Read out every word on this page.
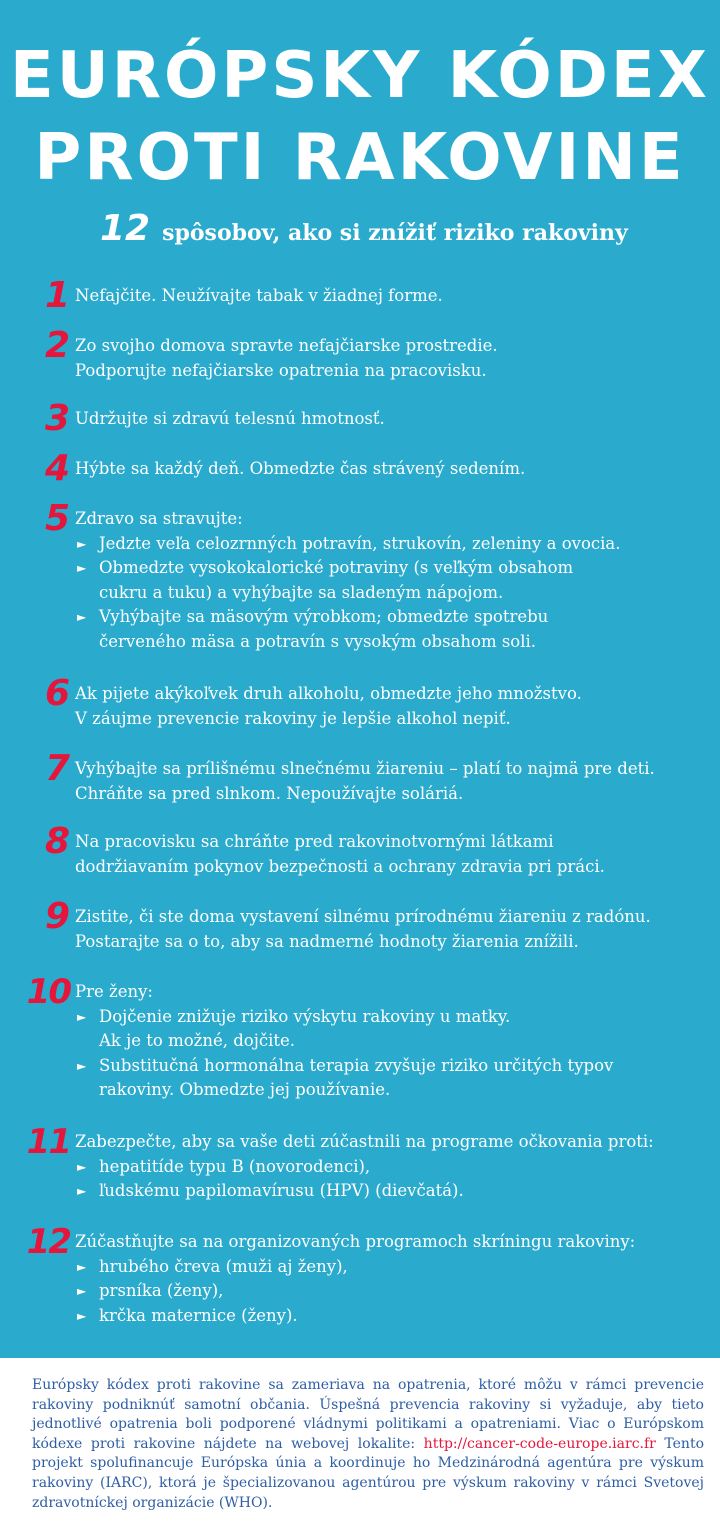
EURÓPSKY KÓDEX
PROTI RAKOVINE
12 spôsobov, ako si znížiť riziko rakoviny
1 Nefajčite. Neužívajte tabak v žiadnej forme.
2 Zo svojho domova spravte nefajčiarske prostredie.
Podporujte nefajčiarske opatrenia na pracovisku.
3 Udržujte si zdravú telesnú hmotnosť.
4 Hýbte sa každý deň. Obmedzte čas strávený sedením.
5 Zdravo sa stravujte:
► Jedzte veľa celozrnných potravín, strukovín, zeleniny a ovocia.
► Obmedzte vysokokalorické potraviny (s veľkým obsahom
cukru a tuku) a vyhýbajte sa sladeným nápojom.
► Vyhýbajte sa mäsovým výrobkom; obmedzte spotrebu
červeného mäsa a potravín s vysokým obsahom soli.
6 Ak pijete akýkoľvek druh alkoholu, obmedzte jeho množstvo.
V záujme prevencie rakoviny je lepšie alkohol nepiť.
7 Vyhýbajte sa prílišnému slnečnému žiareniu – platí to najmä pre deti.
Chráňte sa pred slnkom. Nepoužívajte soláriá.
8 Na pracovisku sa chráňte pred rakovinotvornými látkami
dodržiavaním pokynov bezpečnosti a ochrany zdravia pri práci.
9 Zistite, či ste doma vystavení silnému prírodnému žiareniu z radónu.
Postarajte sa o to, aby sa nadmerné hodnoty žiarenia znížili.
10 Pre ženy:
► Dojčenie znižuje riziko výskytu rakoviny u matky.
Ak je to možné, dojčite.
► Substitučná hormonálna terapia zvyšuje riziko určitých typov
rakoviny. Obmedzte jej používanie.
11 Zabezpečte, aby sa vaše deti zúčastnili na programe očkovania proti:
► hepatitíde typu B (novorodenci),
► ľudskému papilomavírusu (HPV) (dievčatá).
12 Zúčastňujte sa na organizovaných programoch skríningu rakoviny:
► hrubého čreva (muži aj ženy),
► prsníka (ženy),
► krčka maternice (ženy).
Európsky kódex proti rakovine sa zameriava na opatrenia, ktoré môžu v rámci prevencie rakoviny podniknúť samotní občania. Úspešná prevencia rakoviny si vyžaduje, aby tieto jednotlivé opatrenia boli podporené vládnymi politikami a opatreniami. Viac o Európskom kódexe proti rakovine nájdete na webovej lokalite: http://cancer-code-europe.iarc.fr Tento projekt spolufinancuje Európska únia a koordinuje ho Medzinárodná agentúra pre výskum rakoviny (IARC), ktorá je špecializovanou agentúrou pre výskum rakoviny v rámci Svetovej zdravotníckej organizácie (WHO).
